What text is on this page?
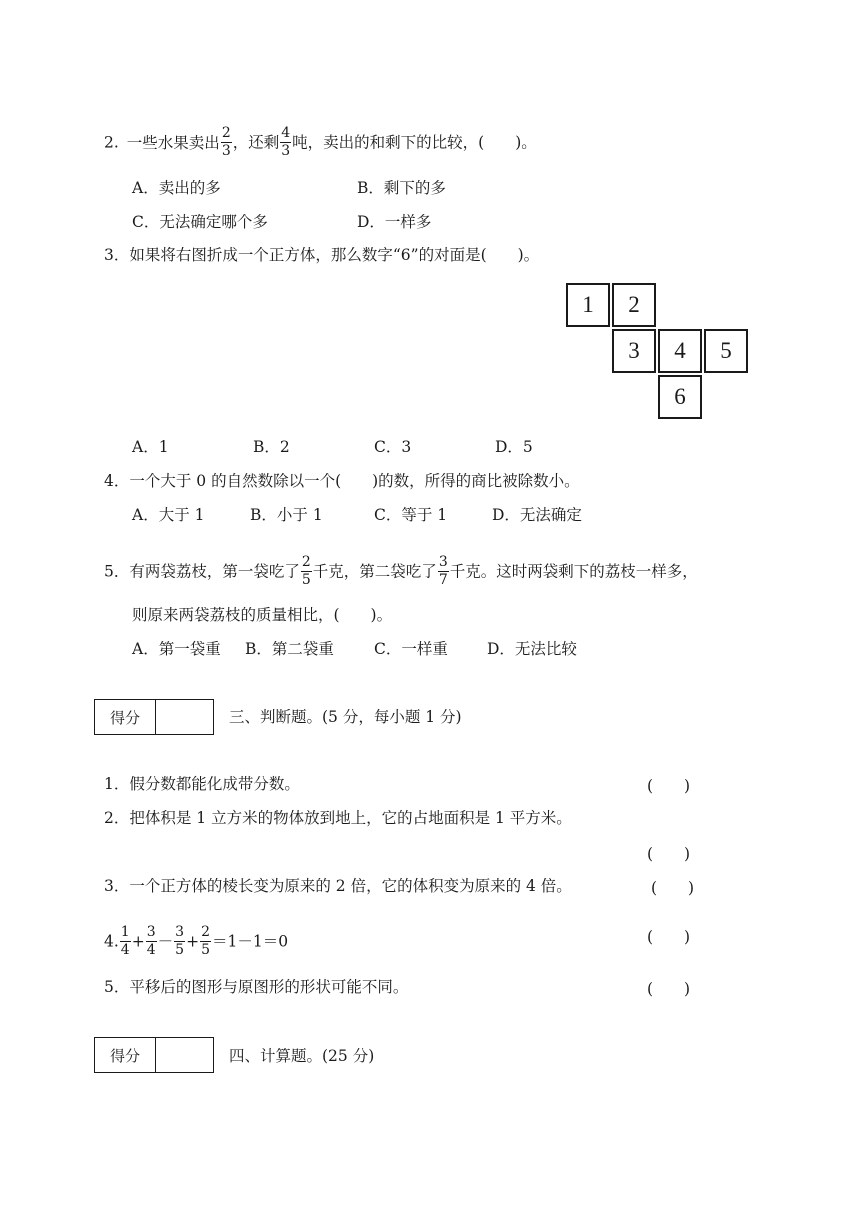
2. 一些水果卖出 $\frac{2}{3}$ ，还剩 $\frac{4}{3}$ 吨，卖出的和剩下的比较，(　　)。
A．卖出的多	B．剩下的多
C．无法确定哪个多	D．一样多
3．如果将右图折成一个正方体，那么数字“6”的对面是(　　)。
1	2
3	4	5
6
A．1	B．2	C．3	D．5
4．一个大于 0 的自然数除以一个(　　)的数，所得的商比被除数小。
A．大于 1	B．小于 1	C．等于 1	D．无法确定
5．有两袋荔枝，第一袋吃了 $\frac{2}{5}$ 千克，第二袋吃了 $\frac{3}{7}$ 千克。这时两袋剩下的荔枝一样多，
则原来两袋荔枝的质量相比，(　　)。
A．第一袋重 B．第二袋重	C．一样重	D．无法比较
得分	三、判断题。(5 分，每小题 1 分)
1．假分数都能化成带分数。	(　　)
2．把体积是 1 立方米的物体放到地上，它的占地面积是 1 平方米。
(　　)
3．一个正方体的棱长变为原来的 2 倍，它的体积变为原来的 4 倍。	(　　)
4. $\frac{1}{4} + \frac{3}{4} - \frac{3}{5} + \frac{2}{5} =1-1=0$	(　　)
5．平移后的图形与原图形的形状可能不同。	(　　)
得分	四、计算题。(25 分)
